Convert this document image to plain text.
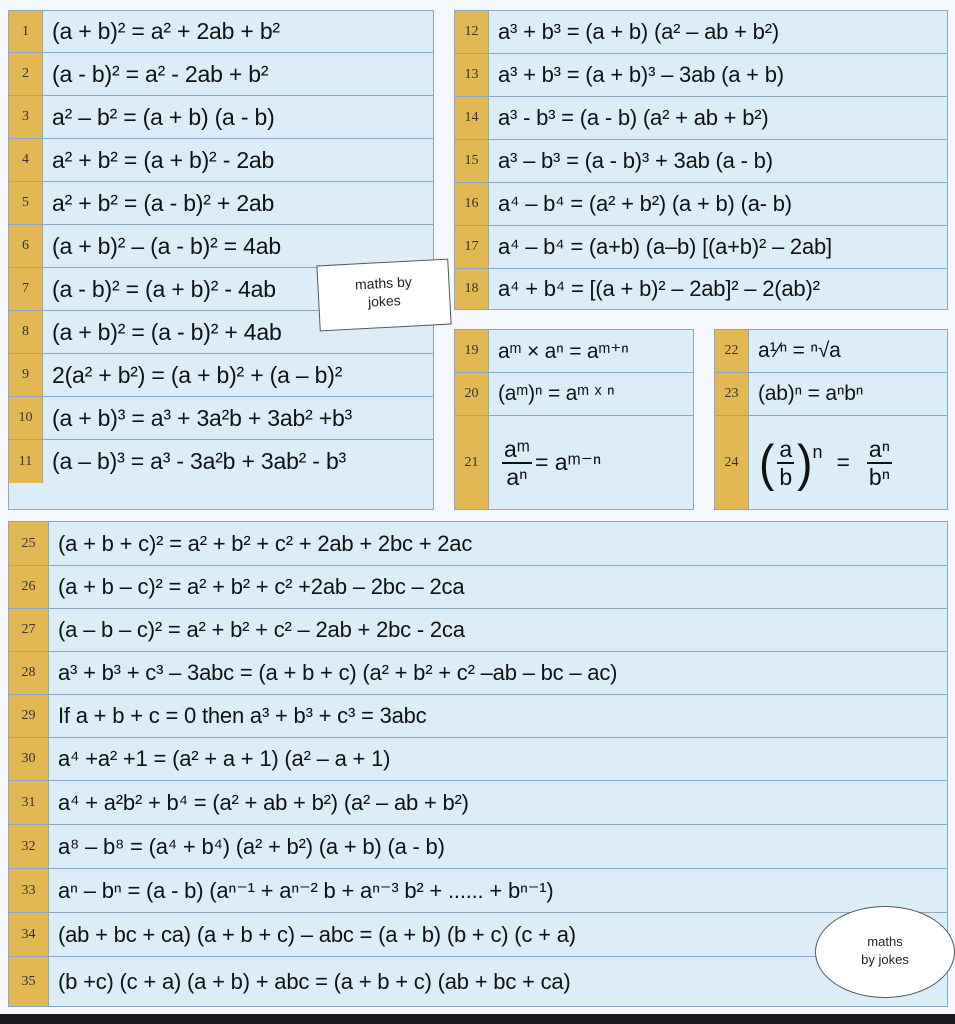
1	(a + b)² = a² + 2ab + b²
2	(a - b)² = a² - 2ab + b²
3	a² – b² = (a + b) (a - b)
4	a² + b² = (a + b)² - 2ab
5	a² + b² = (a - b)² + 2ab
6	(a + b)² – (a - b)² = 4ab
7	(a - b)² = (a + b)² - 4ab
8	(a + b)² = (a - b)² + 4ab
9	2(a² + b²) = (a + b)² + (a – b)²
10 (a + b)³ = a³ + 3a²b + 3ab² +b³
11 (a – b)³ = a³ - 3a²b + 3ab² - b³
12 a³ + b³ = (a + b) (a² – ab + b²)
13 a³ + b³ = (a + b)³ – 3ab (a + b)
14 a³ - b³ = (a - b) (a² + ab + b²)
15 a³ – b³ = (a - b)³ + 3ab (a - b)
16 a⁴ – b⁴ = (a² + b²) (a + b) (a- b)
17 a⁴ – b⁴ = (a+b) (a–b) [(a+b)² – 2ab]
18 a⁴ + b⁴ = [(a + b)² – 2ab]² – 2(ab)²
19 aᵐ × aⁿ = aᵐ⁺ⁿ
20 (aᵐ)ⁿ = aᵐ ˣ ⁿ
21	$\frac{\text{aᵐ}}{\text{aⁿ}}$ = aᵐ⁻ⁿ
22 a¹⁄ⁿ = ⁿ√a
23 (ab)ⁿ = aⁿbⁿ
24 ( $\frac{a}{b}$ ) $n = \frac{\text{aⁿ}}{\text{bⁿ}}$
25	(a + b + c)² = a² + b² + c² + 2ab + 2bc + 2ac
26	(a + b – c)² = a² + b² + c² +2ab – 2bc – 2ca
27	(a – b – c)² = a² + b² + c² – 2ab + 2bc - 2ca
28	a³ + b³ + c³ – 3abc = (a + b + c) (a² + b² + c² –ab – bc – ac)
29	If a + b + c = 0 then a³ + b³ + c³ = 3abc
30	a⁴ +a² +1 = (a² + a + 1) (a² – a + 1)
31	a⁴ + a²b² + b⁴ = (a² + ab + b²) (a² – ab + b²)
32	a⁸ – b⁸ = (a⁴ + b⁴) (a² + b²) (a + b) (a - b)
33	aⁿ – bⁿ = (a - b) (aⁿ⁻¹ + aⁿ⁻² b + aⁿ⁻³ b² + ...... + bⁿ⁻¹)
34	(ab + bc + ca) (a + b + c) – abc = (a + b) (b + c) (c + a)
35	(b +c) (c + a) (a + b) + abc = (a + b + c) (ab + bc + ca)
maths by
jokes
maths
by jokes
